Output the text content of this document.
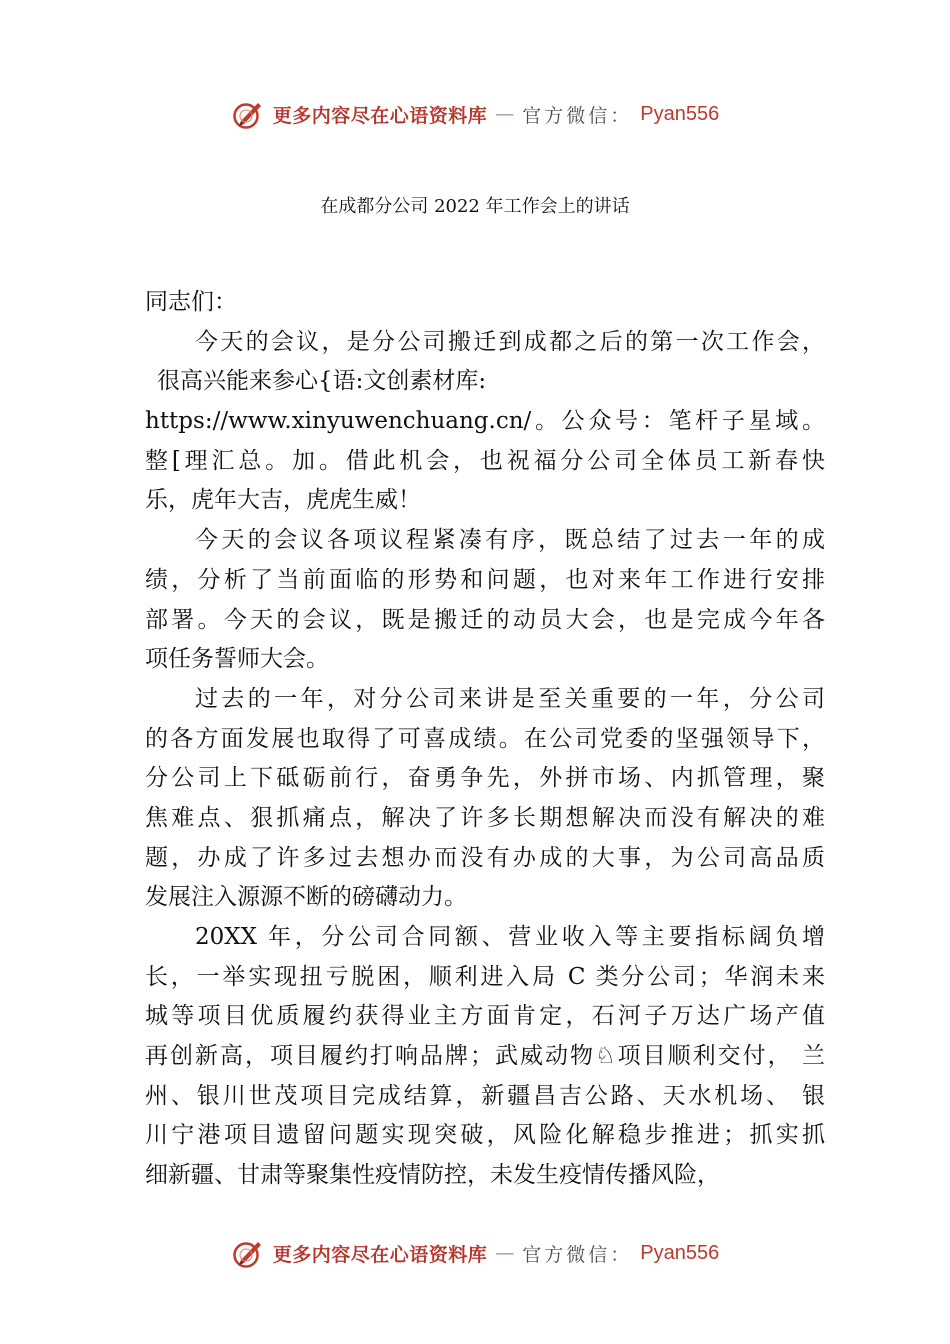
更多内容尽在心语资料库 — 官方微信： Pyan556
在成都分公司 2022 年工作会上的讲话
同志们：
今天的会议，是分公司搬迁到成都之后的第一次工作会，
很高兴能来参心{语:文创素材库:
https://www.xinyuwenchuang.cn/。公众号：笔杆子星域。
整[理汇总。加。借此机会，也祝福分公司全体员工新春快
乐，虎年大吉，虎虎生威！
今天的会议各项议程紧凑有序，既总结了过去一年的成
绩，分析了当前面临的形势和问题，也对来年工作进行安排
部署。今天的会议，既是搬迁的动员大会，也是完成今年各
项任务誓师大会。
过去的一年，对分公司来讲是至关重要的一年，分公司
的各方面发展也取得了可喜成绩。在公司党委的坚强领导下，
分公司上下砥砺前行，奋勇争先，外拼市场、内抓管理，聚
焦难点、狠抓痛点，解决了许多长期想解决而没有解决的难
题，办成了许多过去想办而没有办成的大事，为公司高品质
发展注入源源不断的磅礴动力。
20XX 年，分公司合同额、营业收入等主要指标阔负增
长，一举实现扭亏脱困，顺利进入局 C 类分公司；华润未来
城等项目优质履约获得业主方面肯定，石河子万达广场产值
再创新高，项目履约打响品牌；武威动物♘项目顺利交付， 兰
州、银川世茂项目完成结算，新疆昌吉公路、天水机场、 银
川宁港项目遗留问题实现突破，风险化解稳步推进；抓实抓
细新疆、甘肃等聚集性疫情防控，未发生疫情传播风险，
更多内容尽在心语资料库 — 官方微信： Pyan556
